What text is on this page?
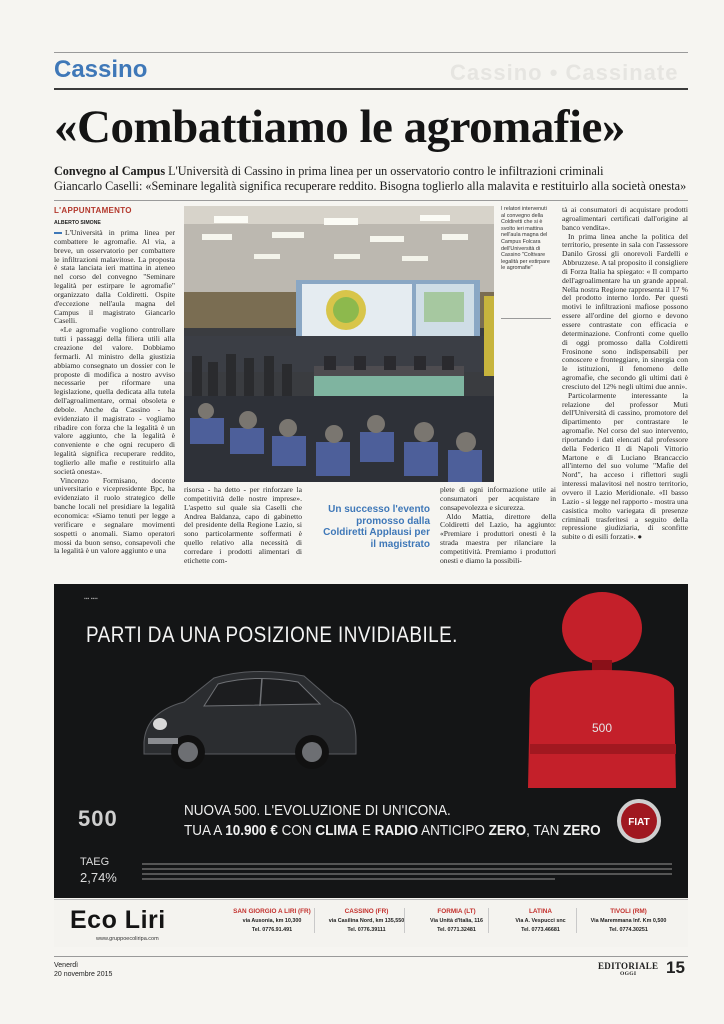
Cassino	Cassino • Cassinate
«Combattiamo le agromafie»
Convegno al Campus L'Università di Cassino in prima linea per un osservatorio contro le infiltrazioni criminali
Giancarlo Caselli: «Seminare legalità significa recuperare reddito. Bisogna toglierlo alla malavita e restituirlo alla società onesta»
L'APPUNTAMENTO
ALBERTO SIMONE

L'Università in prima linea per combattere le agromafie. Al via, a breve, un osservatorio per combattere le infiltrazioni malavitose. La proposta è stata lanciata ieri mattina in ateneo nel corso del convegno "Seminare legalità per estirpare le agromafie" organizzato dalla Coldiretti. Ospite d'eccezione nell'aula magna del Campus il magistrato Giancarlo Caselli.

«Le agromafie vogliono controllare tutti i passaggi della filiera utili alla creazione del valore. Dobbiamo fermarli. Al ministro della giustizia abbiamo consegnato un dossier con le proposte di modifica a nostro avviso necessarie per riformare una legislazione, quella dedicata alla tutela dell'agroalimentare, ormai obsoleta e debole. Anche da Cassino - ha evidenziato il magistrato - vogliamo ribadire con forza che la legalità è un valore aggiunto, che la legalità è conveniente e che ogni recupero di legalità significa recuperare reddito, toglierlo alle mafie e restituirlo alla società onesta».

Vincenzo Formisano, docente universitario e vicepresidente Bpc, ha evidenziato il ruolo strategico delle banche locali nel presidiare la legalità economica: «Siamo tenuti per legge a verificare e segnalare movimenti sospetti o anomali. Siamo operatori mossi da buon senso, consapevoli che la legalità è un valore aggiunto e una

I relatori intervenuti al convegno della Coldiretti che si è svolto ieri mattina nell'aula magna del Campus Folcara dell'Università di Cassino "Coltivare legalità per estirpare le agromafie"

risorsa - ha detto - per rinforzare la competitività delle nostre imprese». L'aspetto sul quale sia Caselli che Andrea Baldanza, capo di gabinetto del presidente della Regione Lazio, si sono particolarmente soffermati è quello relativo alla necessità di corredare i prodotti alimentari di etichette com-

Un successo l'evento promosso dalla Coldiretti Applausi per il magistrato

plete di ogni informazione utile ai consumatori per acquistare in consapevolezza e sicurezza.

Aldo Mattia, direttore della Coldiretti del Lazio, ha aggiunto: «Premiare i produttori onesti è la strada maestra per rilanciare la competitività. Premiamo i produttori onesti e diamo la possibili-

tà ai consumatori di acquistare prodotti agroalimentari certificati dall'origine al banco vendita».

In prima linea anche la politica del territorio, presente in sala con l'assessore Danilo Grossi gli onorevoli Fardelli e Abbruzzese. A tal proposito il consigliere di Forza Italia ha spiegato: « Il comparto dell'agroalimentare ha un grande appeal. Nella nostra Regione rappresenta il 17 % del prodotto interno lordo. Per questi motivi le infiltrazioni mafiose possono essere all'ordine del giorno e devono essere contrastate con efficacia e determinazione. Confronti come quello di oggi promosso dalla Coldiretti Frosinone sono indispensabili per conoscere e fronteggiare, in sinergia con le istituzioni, il fenomeno delle agromafie, che secondo gli ultimi dati è cresciuto del 12% negli ultimi due anni».

Particolarmente interessante la relazione del professor Muti dell'Università di cassino, promotore del dipartimento per contrastare le agromafie. Nel corso del suo intervento, riportando i dati elencati dal professore della Federico II di Napoli Vittorio Martone e di Luciano Brancaccio all'interno del suo volume "Mafie del Nord", ha acceso i riflettori sugli interessi malavitosi nel nostro territorio, ovvero il Lazio Meridionale. «Il basso Lazio - si legge nel rapporto - mostra una casistica molto variegata di presenze criminali trasferitesi a seguito della repressione giudiziaria, di sconfitte subite o di esili forzati». ●

▪▪▪ ▪▪▪▪
PARTI DA UNA POSIZIONE INVIDIABILE.
500
500	NUOVA 500. L'EVOLUZIONE DI UN'ICONA.
TUA A 10.900 € CON CLIMA E RADIO ANTICIPO ZERO, TAN ZERO	FIAT
TAEG
2,74%
Eco Liri
www.gruppoecoliripa.com
SAN GIORGIO A LIRI (FR)
via Ausonia, km 10,300
Tel. 0776.91.491
CASSINO (FR)
via Casilina Nord, km 135,550
Tel. 0776.39111
FORMIA (LT)
Via Unità d'Italia, 116
Tel. 0771.32481
LATINA
Via A. Vespucci snc
Tel. 0773.46681
TIVOLI (RM)
Via Maremmana Inf. Km 0,500
Tel. 0774.30251
Venerdì
20 novembre 2015
EDITORIALE
OGGI	15
